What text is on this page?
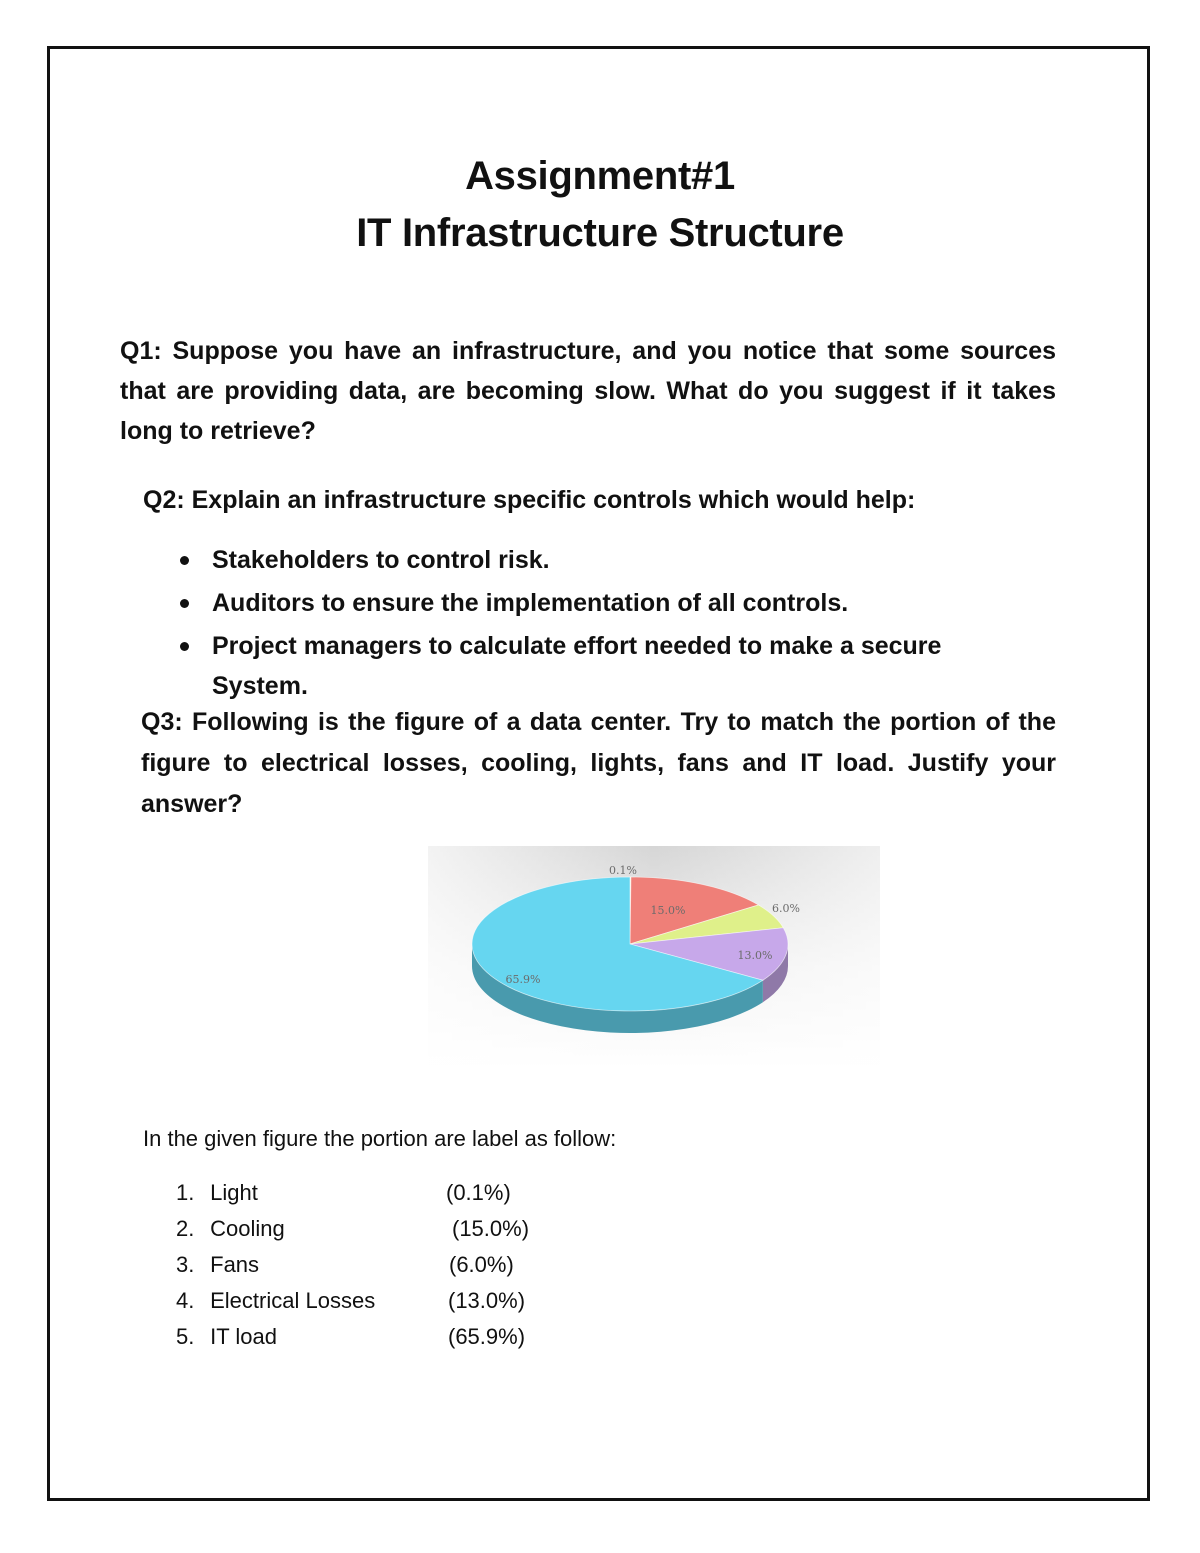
Assignment#1
IT Infrastructure Structure
Q1: Suppose you have an infrastructure, and you notice that some sources that are providing data, are becoming slow. What do you suggest if it takes long to retrieve?
Q2: Explain an infrastructure specific controls which would help:
Stakeholders to control risk.
Auditors to ensure the implementation of all controls.
Project managers to calculate effort needed to make a secure System.
Q3: Following is the figure of a data center. Try to match the portion of the figure to electrical losses, cooling, lights, fans and IT load. Justify your answer?
0.1%
15.0%	6.0%
13.0%
65.9%
In the given figure the portion are label as follow:
1. Light	(0.1%)
2. Cooling	(15.0%)
3. Fans	(6.0%)
4. Electrical Losses	(13.0%)
5. IT load	(65.9%)
